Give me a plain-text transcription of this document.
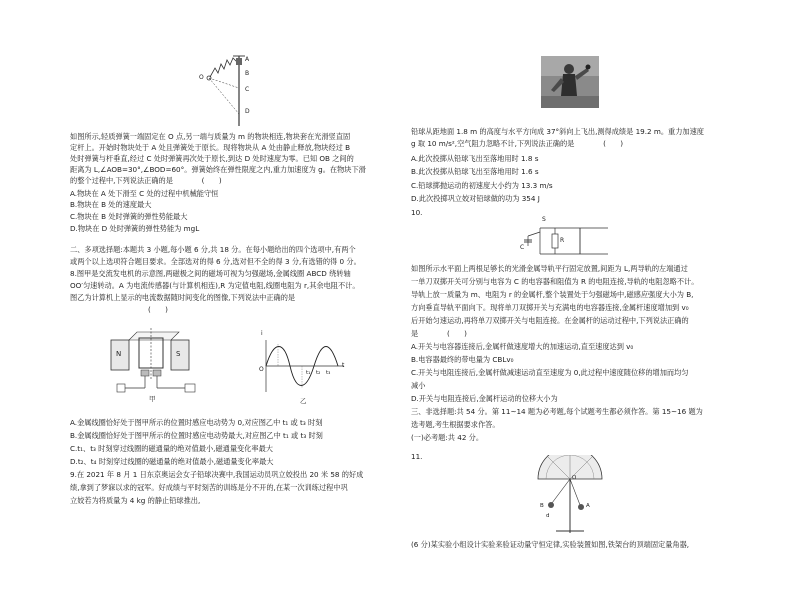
O
A
B
C
D
如图所示,轻质弹簧一端固定在 O 点,另一端与质量为 m 的物块相连,物块套在光滑竖直固
定杆上。开始时物块处于 A 处且弹簧处于原长。现将物块从 A 处由静止释放,物块经过 B
处时弹簧与杆垂直,经过 C 处时弹簧再次处于原长,到达 D 处时速度为零。已知 OB 之间的
距离为 L,∠AOB=30°,∠BOD=60°。弹簧始终在弹性限度之内,重力加速度为 g。在物块下滑
的整个过程中,下列说法正确的是　　　　(　　)
A.物块在 A 处下滑至 C 处的过程中机械能守恒
B.物块在 B 处的速度最大
C.物块在 B 处时弹簧的弹性势能最大
D.物块在 D 处时弹簧的弹性势能为 mgL
二、多项选择题:本题共 3 小题,每小题 6 分,共 18 分。在每小题给出的四个选项中,有两个
或两个以上选项符合题目要求。全部选对的得 6 分,选对但不全的得 3 分,有选错的得 0 分。
8.图甲是交流发电机的示意图,两磁极之间的磁场可视为匀强磁场,金属线圈 ABCD 绕转轴
OO′匀速转动。A 为电流传感器(与计算机相连),R 为定值电阻,线圈电阻为 r,其余电阻不计。
图乙为计算机上显示的电流数据随时间变化的图像,下列说法中正确的是
(　　)
N	S
甲
i
t
O	t₁ t₂ t₃
乙
A.金属线圈恰好处于图甲所示的位置时感应电动势为 0,对应图乙中 t₁ 或 t₃ 时刻
B.金属线圈恰好处于图甲所示的位置时感应电动势最大,对应图乙中 t₁ 或 t₃ 时刻
C.t₁、t₃ 时刻穿过线圈的磁通量的绝对值最小,磁通量变化率最大
D.t₂、t₄ 时刻穿过线圈的磁通量的绝对值最小,磁通量变化率最大
9.在 2021 年 8 月 1 日东京奥运会女子铅球决赛中,我国运动员巩立姣投出 20 米 58 的好成
绩,拿到了梦寐以求的冠军。好成绩与平时刻苦的训练是分不开的,在某一次训练过程中巩
立姣若为将质量为 4 kg 的静止铅球推出,
铅球从距地面 1.8 m 的高度与水平方向成 37°斜向上飞出,测得成绩是 19.2 m。重力加速度
g 取 10 m/s²,空气阻力忽略不计,下列说法正确的是　　　　(　　)
A.此次投掷从铅球飞出至落地用时 1.8 s
B.此次投掷从铅球飞出至落地用时 1.6 s
C.铅球掷抛运动的初速度大小约为 13.3 m/s
D.此次投掷巩立姣对铅球做的功为 354 J
10.
S
R
C
如图所示水平面上两根足够长的光滑金属导轨平行固定放置,间距为 L,两导轨的左端通过
一单刀双掷开关可分别与电容为 C 的电容器和阻值为 R 的电阻连接,导轨的电阻忽略不计。
导轨上放一质量为 m、电阻为 r 的金属杆,整个装置处于匀强磁场中,磁感应强度大小为 B,
方向垂直导轨平面向下。现将单刀双掷开关与充满电的电容器连接,金属杆速度增加到 v₀
后开始匀速运动,再将单刀双掷开关与电阻连接。在金属杆的运动过程中,下列说法正确的
是　　　　(　　)
A.开关与电容器连接后,金属杆做速度增大的加速运动,直至速度达到 v₀
B.电容器最终的带电量为 CBLv₀
C.开关与电阻连接后,金属杆做减速运动直至速度为 0,此过程中速度随位移的增加而均匀
减小
D.开关与电阻连接后,金属杆运动的位移大小为
三、非选择题:共 54 分。第 11~14 题为必考题,每个试题考生都必须作答。第 15~16 题为
选考题,考生根据要求作答。
(一)必考题:共 42 分。
11.
O
A
B
d
(6 分)某实验小组设计实验来验证动量守恒定律,实验装置如图,铁架台的顶端固定量角器,
